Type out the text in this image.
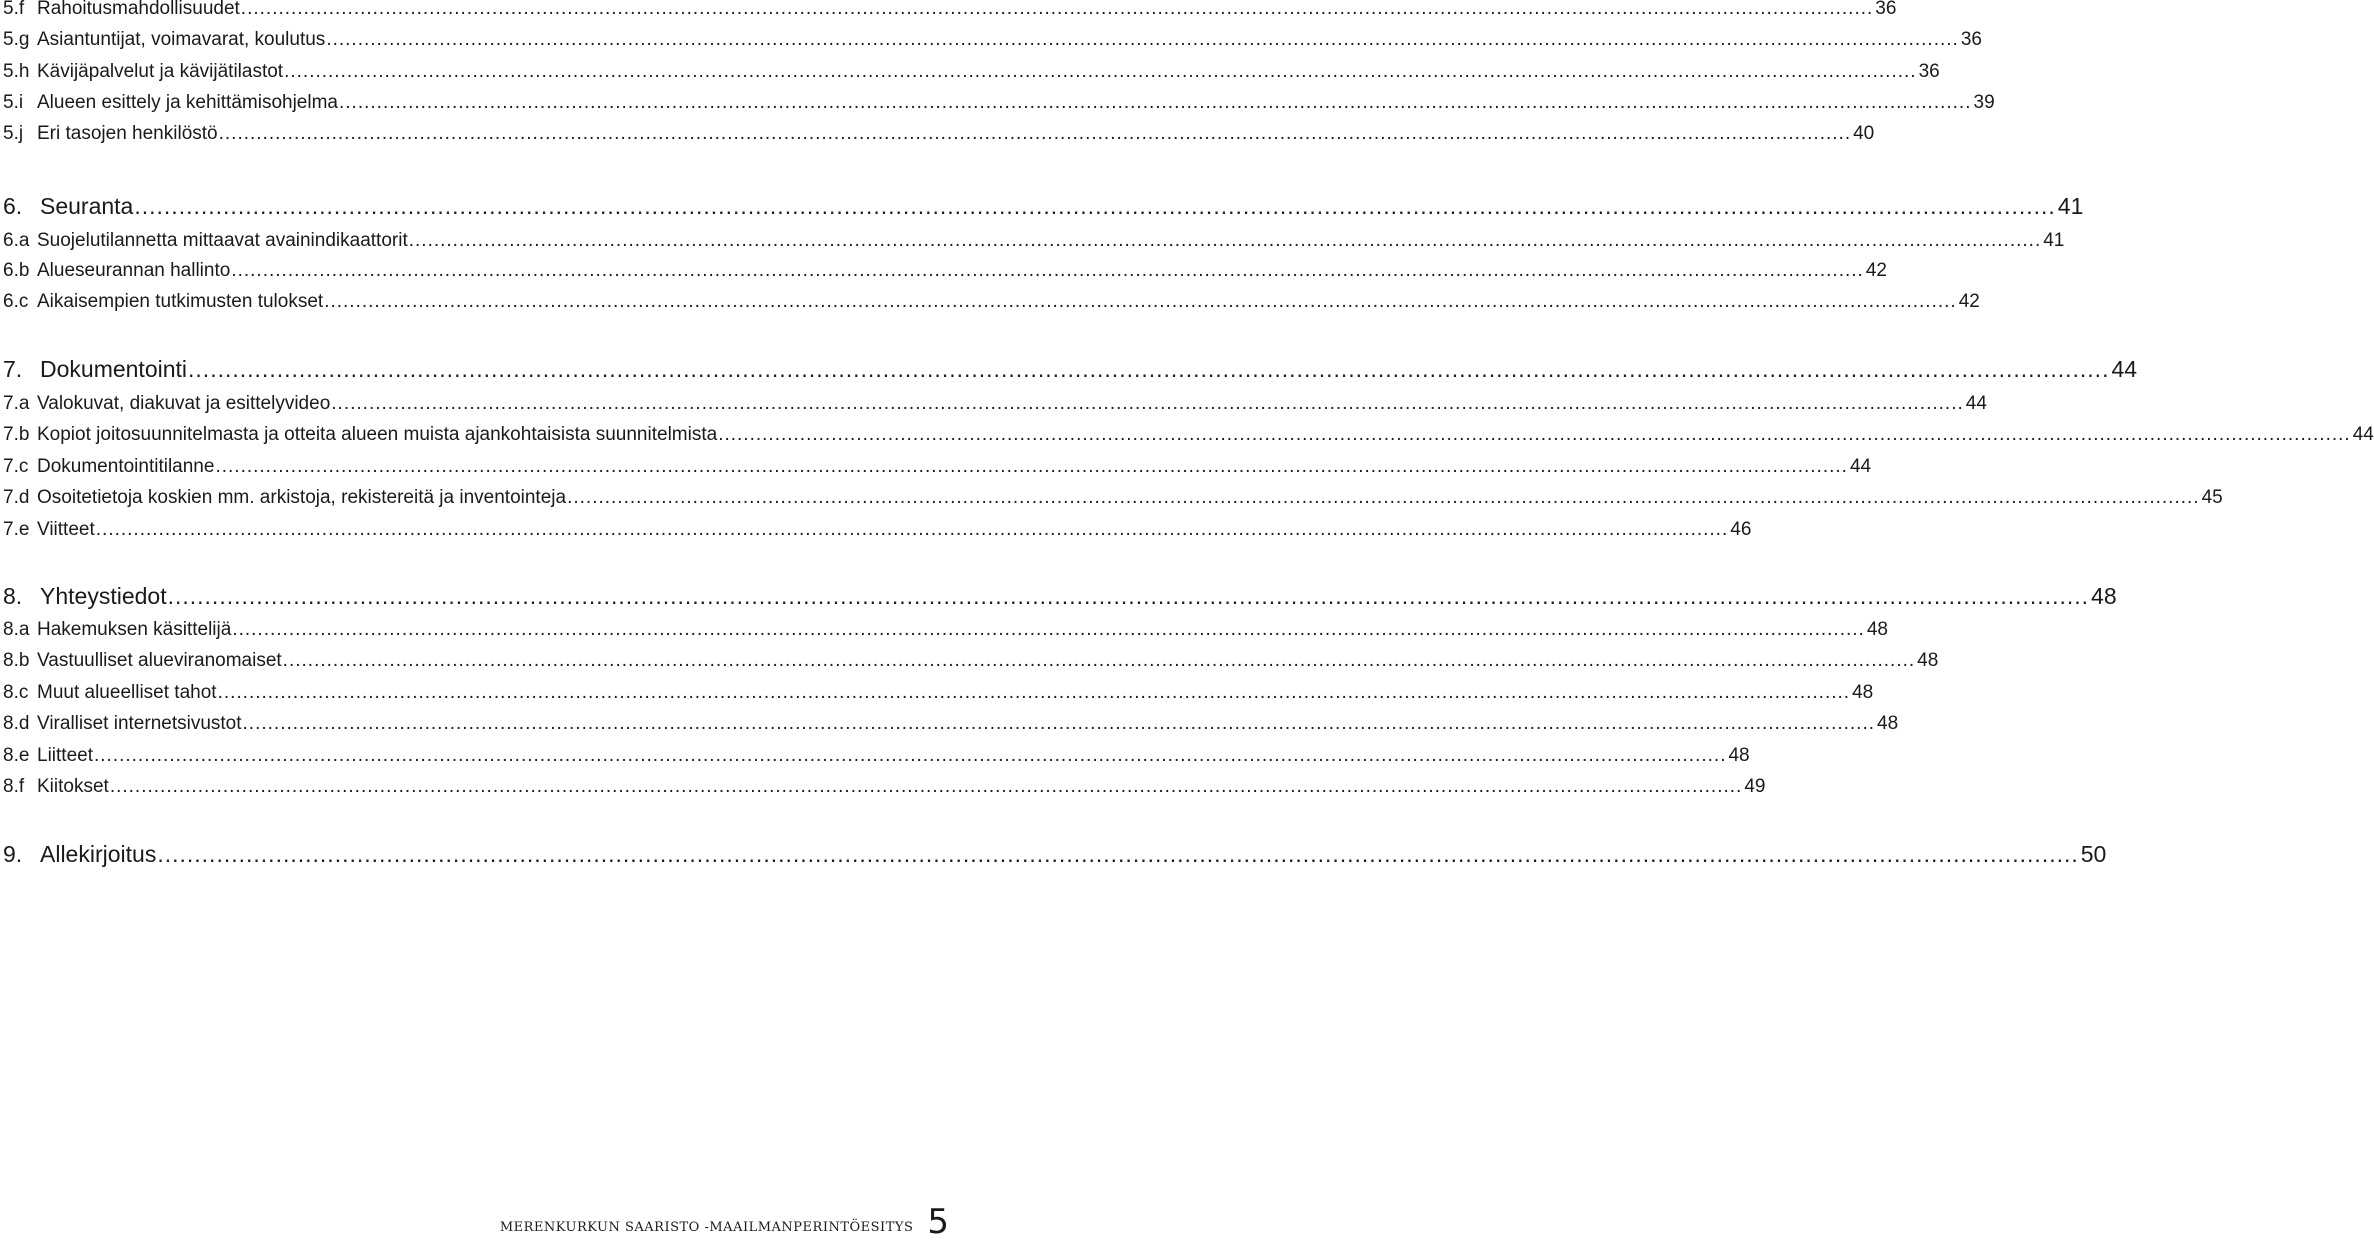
5.f Rahoitusmahdollisuudet .....	36
5.g Asiantuntijat, voimavarat, koulutus .....	36
5.h Kävijäpalvelut ja kävijätilastot .....	36
5.i Alueen esittely ja kehittämisohjelma .....	39
5.j Eri tasojen henkilöstö .....	40
6. Seuranta .....	41
6.a Suojelutilannetta mittaavat avainindikaattorit .....	41
6.b Alueseurannan hallinto .....	42
6.c Aikaisempien tutkimusten tulokset .....	42
7. Dokumentointi .....	44
7.a Valokuvat, diakuvat ja esittelyvideo .....	44
7.b Kopiot joitosuunnitelmasta ja otteita alueen muista ajankohtaisista suunnitelmista .....	44
7.c Dokumentointitilanne .....	44
7.d Osoitetietoja koskien mm. arkistoja, rekistereitä ja inventointeja .....	45
7.e Viitteet .....	46
8. Yhteystiedot .....	48
8.a Hakemuksen käsittelijä .....	48
8.b Vastuulliset alueviranomaiset .....	48
8.c Muut alueelliset tahot .....	48
8.d Viralliset internetsivustot .....	48
8.e Liitteet .....	48
8.f Kiitokset .....	49
9. Allekirjoitus .....	50
MERENKURKUN SAARISTO -MAAILMANPERINTÖESITYS 5
